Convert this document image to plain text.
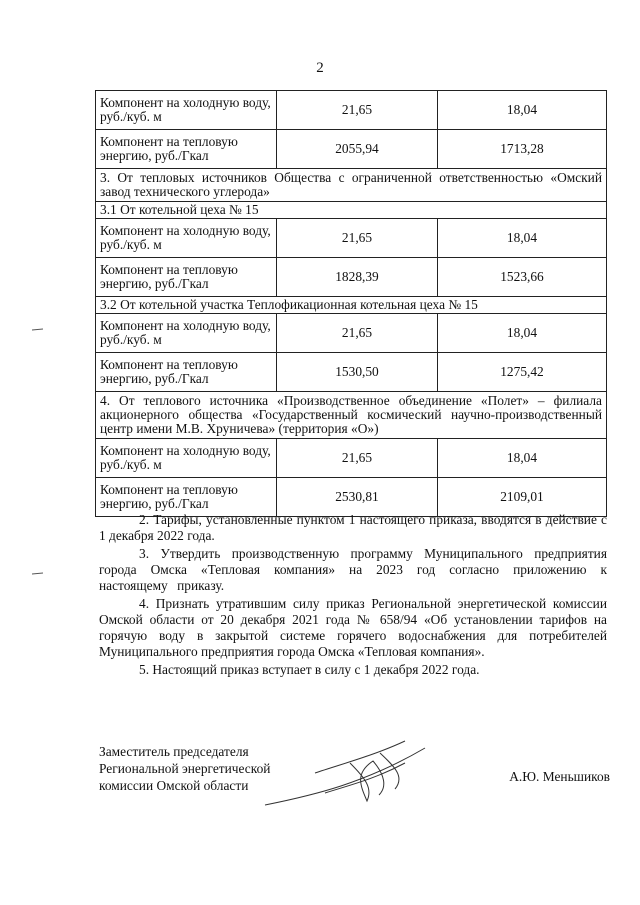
2
Компонент на холодную воду, руб./куб. м	21,65	18,04
Компонент на тепловую энергию, руб./Гкал	2055,94	1713,28
3. От тепловых источников Общества с ограниченной ответственностью «Омский завод технического углерода»		
3.1 От котельной цеха № 15		
Компонент на холодную воду, руб./куб. м	21,65	18,04
Компонент на тепловую энергию, руб./Гкал	1828,39	1523,66
3.2 От котельной участка Теплофикационная котельная цеха № 15		
Компонент на холодную воду, руб./куб. м	21,65	18,04
Компонент на тепловую энергию, руб./Гкал	1530,50	1275,42
4. От теплового источника «Производственное объединение «Полет» – филиала акционерного общества «Государственный космический научно-производственный центр имени М.В. Хруничева» (территория «О»)		
Компонент на холодную воду, руб./куб. м	21,65	18,04
Компонент на тепловую энергию, руб./Гкал	2530,81	2109,01

2. Тарифы, установленные пунктом 1 настоящего приказа, вводятся в действие с 1 декабря 2022 года.

3. Утвердить производственную программу Муниципального предприятия города Омска «Тепловая компания» на 2023 год согласно приложению к настоящему приказу.

4. Признать утратившим силу приказ Региональной энергетической комиссии Омской области от 20 декабря 2021 года № 658/94 «Об установлении тарифов на горячую воду в закрытой системе горячего водоснабжения для потребителей Муниципального предприятия города Омска «Тепловая компания».

5. Настоящий приказ вступает в силу с 1 декабря 2022 года.

Заместитель председателя
Региональной энергетической
комиссии Омской области
А.Ю. Меньшиков
